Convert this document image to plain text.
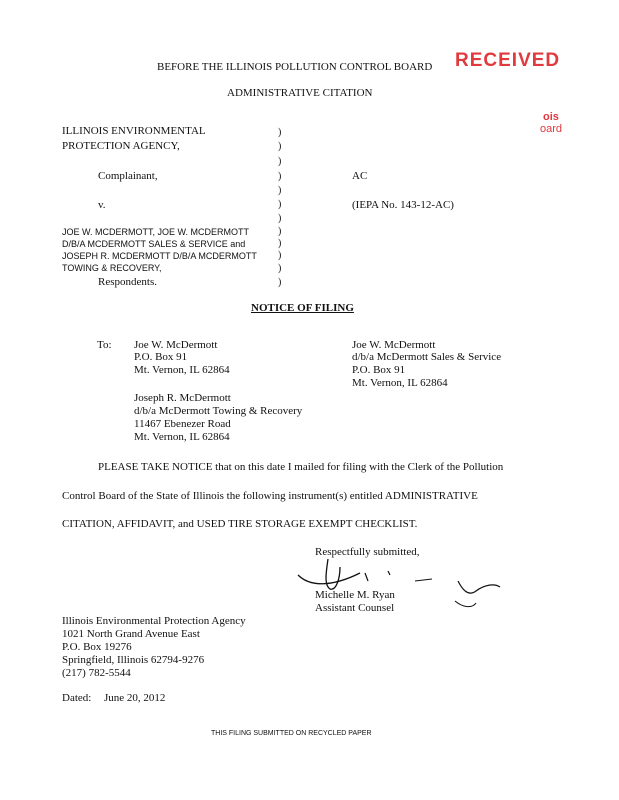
RECEIVED
ois
oard
BEFORE THE ILLINOIS POLLUTION CONTROL BOARD
ADMINISTRATIVE CITATION
ILLINOIS ENVIRONMENTAL
PROTECTION AGENCY,
Complainant,
v.
JOE W. MCDERMOTT, JOE W. MCDERMOTT
D/B/A MCDERMOTT SALES & SERVICE and
JOSEPH R. MCDERMOTT D/B/A MCDERMOTT
TOWING & RECOVERY,
Respondents.
)
)
)
)
)
)
)
)
)
)
)
)
AC
(IEPA No. 143-12-AC)
NOTICE OF FILING
To: Joe W. McDermott
P.O. Box 91
Mt. Vernon, IL 62864
Joe W. McDermott
d/b/a McDermott Sales & Service
P.O. Box 91
Mt. Vernon, IL 62864
Joseph R. McDermott
d/b/a McDermott Towing & Recovery
11467 Ebenezer Road
Mt. Vernon, IL 62864
PLEASE TAKE NOTICE that on this date I mailed for filing with the Clerk of the Pollution
Control Board of the State of Illinois the following instrument(s) entitled ADMINISTRATIVE
CITATION, AFFIDAVIT, and USED TIRE STORAGE EXEMPT CHECKLIST.
Respectfully submitted,
Michelle M. Ryan
Assistant Counsel
Illinois Environmental Protection Agency
1021 North Grand Avenue East
P.O. Box 19276
Springfield, Illinois 62794-9276
(217) 782-5544
Dated: June 20, 2012
THIS FILING SUBMITTED ON RECYCLED PAPER
